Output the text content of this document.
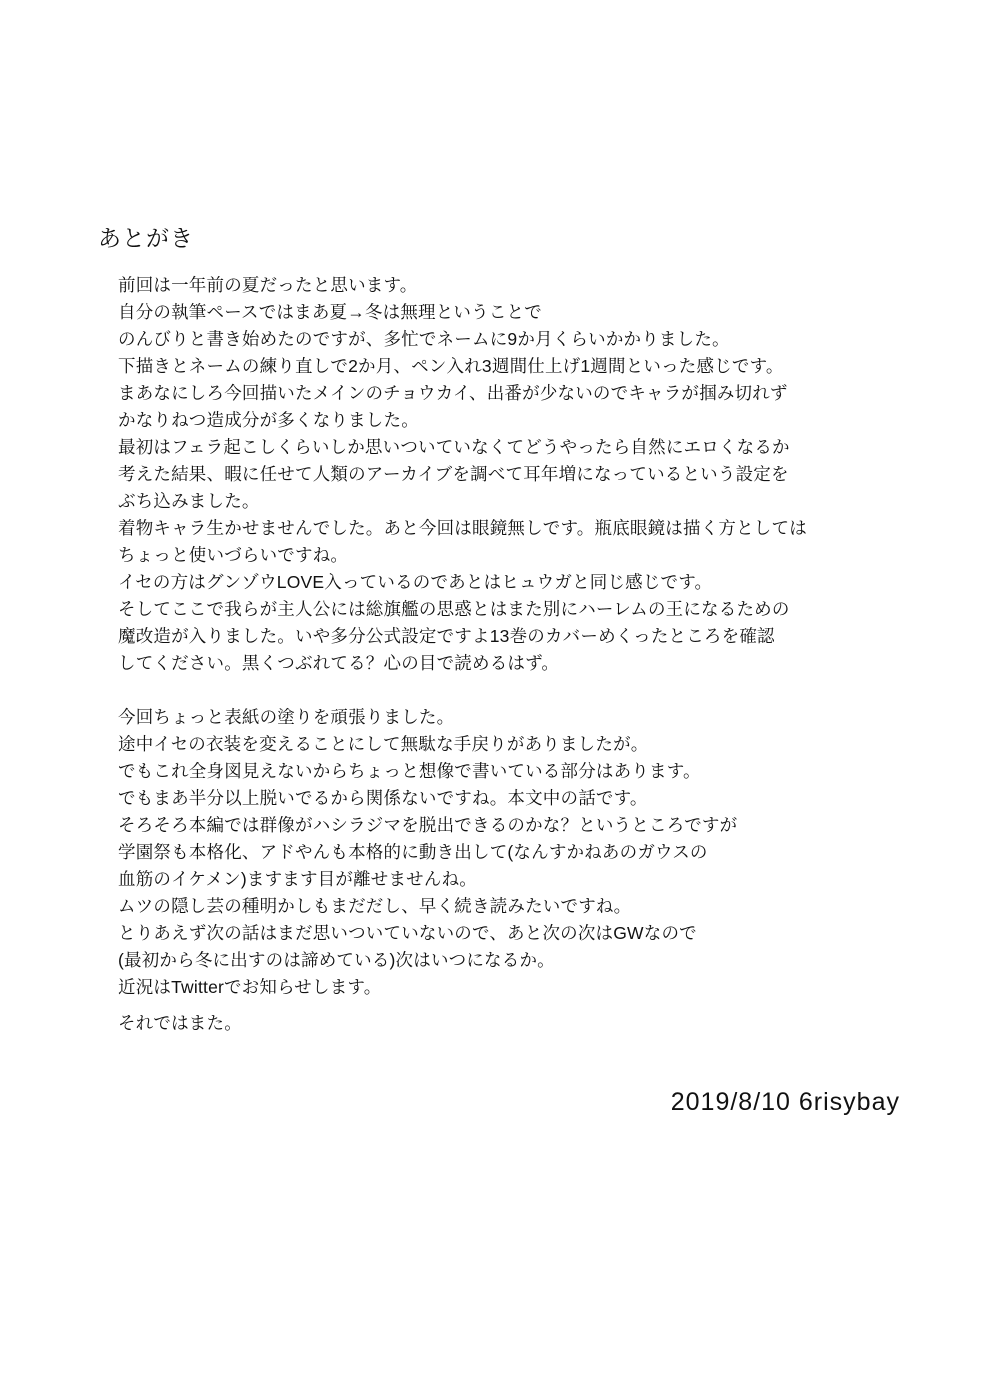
あとがき

前回は一年前の夏だったと思います。

自分の執筆ペースではまあ夏→冬は無理ということで

のんびりと書き始めたのですが、多忙でネームに9か月くらいかかりました。

下描きとネームの練り直しで2か月、ペン入れ3週間仕上げ1週間といった感じです。

まあなにしろ今回描いたメインのチョウカイ、出番が少ないのでキャラが掴み切れず

かなりねつ造成分が多くなりました。

最初はフェラ起こしくらいしか思いついていなくてどうやったら自然にエロくなるか

考えた結果、暇に任せて人類のアーカイブを調べて耳年増になっているという設定を

ぶち込みました。

着物キャラ生かせませんでした。あと今回は眼鏡無しです。瓶底眼鏡は描く方としては

ちょっと使いづらいですね。

イセの方はグンゾウLOVE入っているのであとはヒュウガと同じ感じです。

そしてここで我らが主人公には総旗艦の思惑とはまた別にハーレムの王になるための

魔改造が入りました。いや多分公式設定ですよ13巻のカバーめくったところを確認

してください。黒くつぶれてる？心の目で読めるはず。

今回ちょっと表紙の塗りを頑張りました。

途中イセの衣装を変えることにして無駄な手戻りがありましたが。

でもこれ全身図見えないからちょっと想像で書いている部分はあります。

でもまあ半分以上脱いでるから関係ないですね。本文中の話です。

そろそろ本編では群像がハシラジマを脱出できるのかな？というところですが

学園祭も本格化、アドやんも本格的に動き出して(なんすかねあのガウスの

血筋のイケメン)ますます目が離せませんね。

ムツの隠し芸の種明かしもまだだし、早く続き読みたいですね。

とりあえず次の話はまだ思いついていないので、あと次の次はGWなので

(最初から冬に出すのは諦めている)次はいつになるか。

近況はTwitterでお知らせします。

それではまた。

2019/8/10 6risybay
